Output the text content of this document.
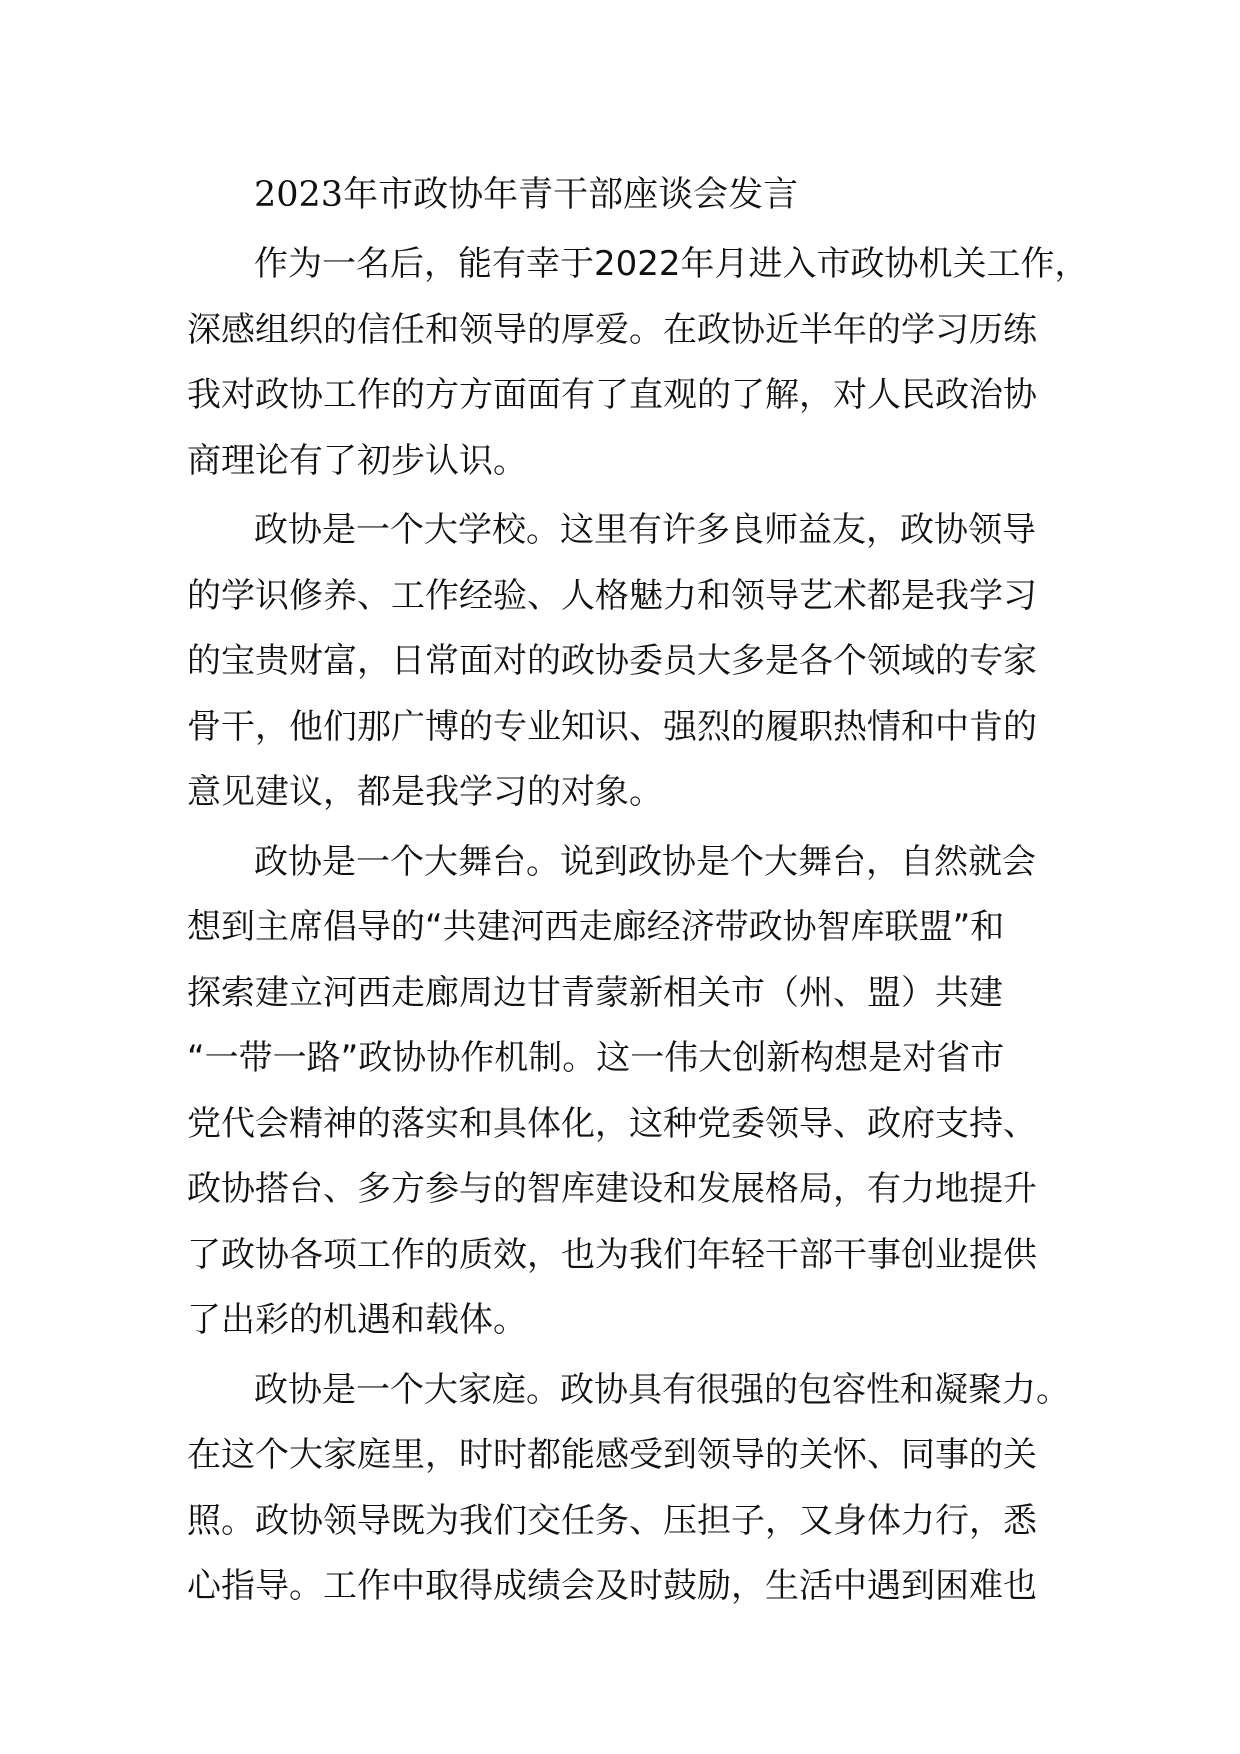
2023年市政协年青干部座谈会发言

作为一名后，能有幸于2022年月进入市政协机关工作，
深感组织的信任和领导的厚爱。在政协近半年的学习历练
我对政协工作的方方面面有了直观的了解，对人民政治协
商理论有了初步认识。

政协是一个大学校。这里有许多良师益友，政协领导
的学识修养、工作经验、人格魅力和领导艺术都是我学习
的宝贵财富，日常面对的政协委员大多是各个领域的专家
骨干，他们那广博的专业知识、强烈的履职热情和中肯的
意见建议，都是我学习的对象。

政协是一个大舞台。说到政协是个大舞台，自然就会
想到主席倡导的“共建河西走廊经济带政协智库联盟”和
探索建立河西走廊周边甘青蒙新相关市（州、盟）共建
“一带一路”政协协作机制。这一伟大创新构想是对省市
党代会精神的落实和具体化，这种党委领导、政府支持、
政协搭台、多方参与的智库建设和发展格局，有力地提升
了政协各项工作的质效，也为我们年轻干部干事创业提供
了出彩的机遇和载体。

政协是一个大家庭。政协具有很强的包容性和凝聚力。
在这个大家庭里，时时都能感受到领导的关怀、同事的关
照。政协领导既为我们交任务、压担子，又身体力行，悉
心指导。工作中取得成绩会及时鼓励，生活中遇到困难也
